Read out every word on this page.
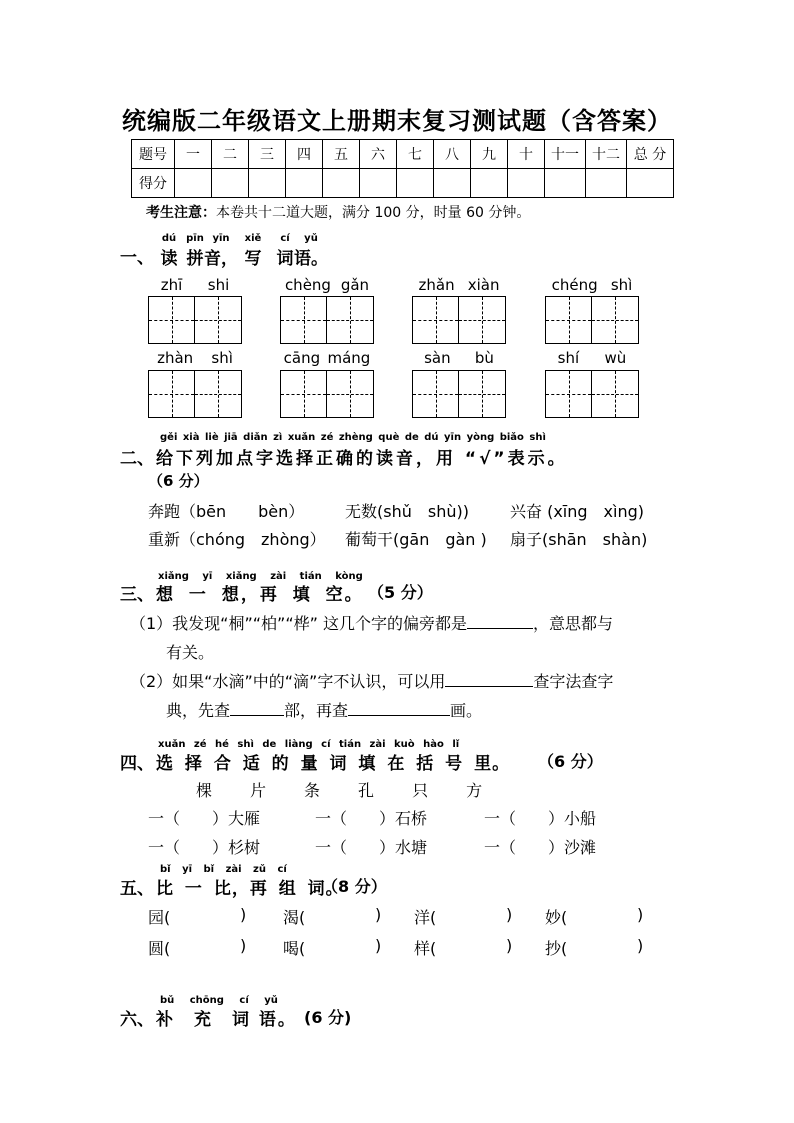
统编版二年级语文上册期末复习测试题（含答案）
题号	一	二	三	四	五	六	七	八	九	十	十一	十二	总 分
得分													
考生注意：本卷共十二道大题，满分 100 分，时量 60 分钟。
一、
dú
读
pīn
拼
yīn
音，
xiě
写
cí
词
yǔ
语。
zhī shi	chèng gǎn	zhǎn xiàn	chéng shì
zhàn shì	cāng máng	sàn bù	shí wù
gěi xià liè jiā diǎn zì xuǎn zé zhèng què de dú yīn yòng biǎo shì
二、 给下列加点字选择正确的读音，用 “√”表示。
（6 分）
奔跑（bēn　　bèn）	无数(shǔ　shù))	兴奋 (xīng　xìng)
重新（chóng　zhòng） 葡萄干(gān　gàn ) 扇子(shān　shàn)
xiǎng yī xiǎng zài tián kòng
三、 想 一 想，再 填 空。 （5 分）
（1）我发现“桐”“柏”“桦” 这几个字的偏旁都是	，意思都与
有关。
（2）如果“水滴”中的“滴”字不认识，可以用	查字法查字
典，先查	部，再查	画。
xuǎn zé hé shì de liàng cí tián zài kuò hào lǐ
四、 选 择 合 适 的 量 词 填 在 括 号 里。 （6 分）
棵 片 条 孔 只 方
一（　　）大雁	一（　　）石桥	一（　　）小船
一（　　）杉树	一（　　）水塘	一（　　）沙滩
bǐ yī bǐ zài zǔ cí
五、 比 一 比，再 组 词。
（8 分）
园(	) 渴(	) 洋(	) 妙(	)
圆(	) 喝(	) 样(	) 抄(	)
bǔ chōng cí yǔ
六、 补　充　词 语。 (6 分)
